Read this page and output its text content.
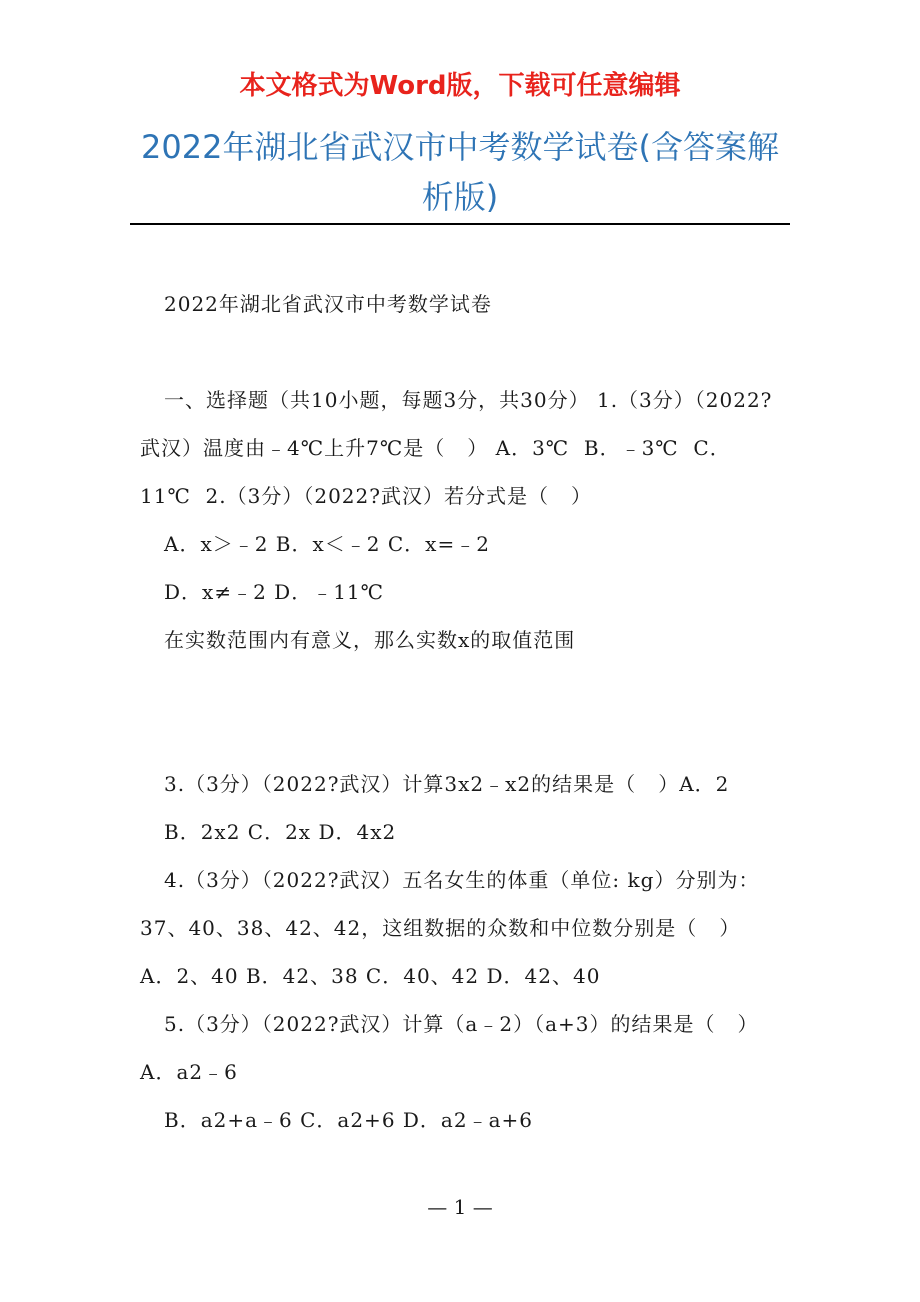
本文格式为Word版，下载可任意编辑
2022年湖北省武汉市中考数学试卷(含答案解析版)

2022年湖北省武汉市中考数学试卷

一、选择题（共10小题，每题3分，共30分） 1.（3分）（2022?武汉）温度由﹣4℃上升7℃是（   ） A．3℃  B．﹣3℃  C．11℃  2.（3分）（2022?武汉）若分式是（   ）

A．x＞﹣2 B．x＜﹣2 C．x=﹣2

D．x≠﹣2 D．﹣11℃

在实数范围内有意义，那么实数x的取值范围

3.（3分）（2022?武汉）计算3x2﹣x2的结果是（   ）A．2

B．2x2 C．2x D．4x2

4.（3分）（2022?武汉）五名女生的体重（单位: kg）分别为：37、40、38、42、42，这组数据的众数和中位数分别是（   ） A．2、40 B．42、38 C．40、42 D．42、40

5.（3分）（2022?武汉）计算（a﹣2）（a+3）的结果是（   ）A．a2﹣6

B．a2+a﹣6 C．a2+6 D．a2﹣a+6

— 1 —
